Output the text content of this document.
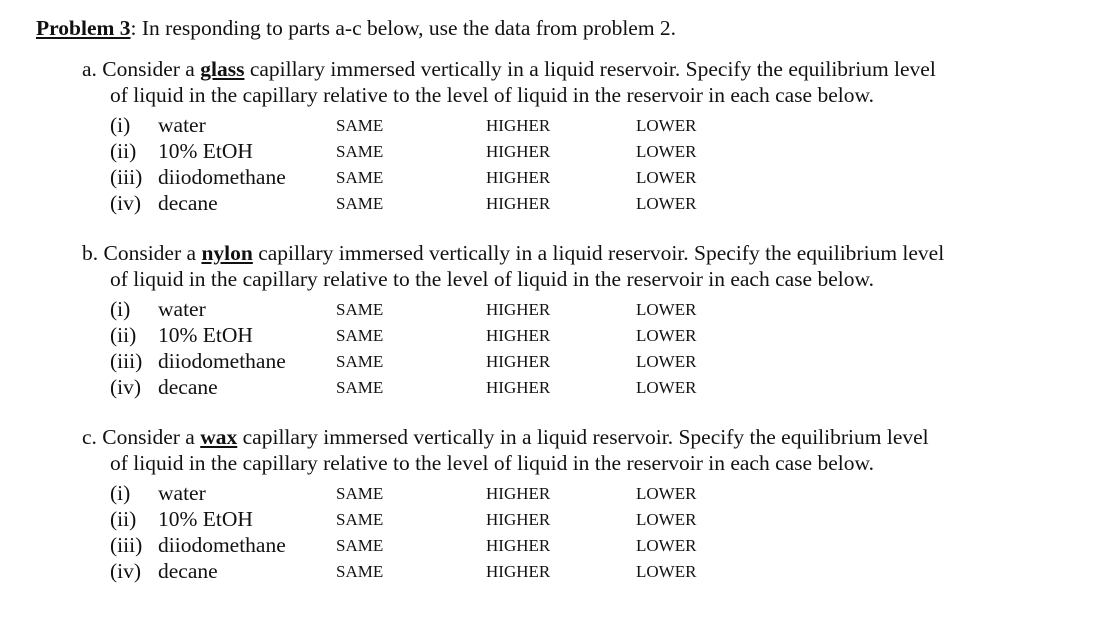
Problem 3: In responding to parts a-c below, use the data from problem 2.
a. Consider a glass capillary immersed vertically in a liquid reservoir. Specify the equilibrium level
of liquid in the capillary relative to the level of liquid in the reservoir in each case below.
(i) water	SAME	HIGHER	LOWER
(ii) 10% EtOH	SAME	HIGHER	LOWER
(iii) diiodomethane	SAME	HIGHER	LOWER
(iv) decane	SAME	HIGHER	LOWER
b. Consider a nylon capillary immersed vertically in a liquid reservoir. Specify the equilibrium level
of liquid in the capillary relative to the level of liquid in the reservoir in each case below.
(i) water	SAME	HIGHER	LOWER
(ii) 10% EtOH	SAME	HIGHER	LOWER
(iii) diiodomethane	SAME	HIGHER	LOWER
(iv) decane	SAME	HIGHER	LOWER
c. Consider a wax capillary immersed vertically in a liquid reservoir. Specify the equilibrium level
of liquid in the capillary relative to the level of liquid in the reservoir in each case below.
(i) water	SAME	HIGHER	LOWER
(ii) 10% EtOH	SAME	HIGHER	LOWER
(iii) diiodomethane	SAME	HIGHER	LOWER
(iv) decane	SAME	HIGHER	LOWER
